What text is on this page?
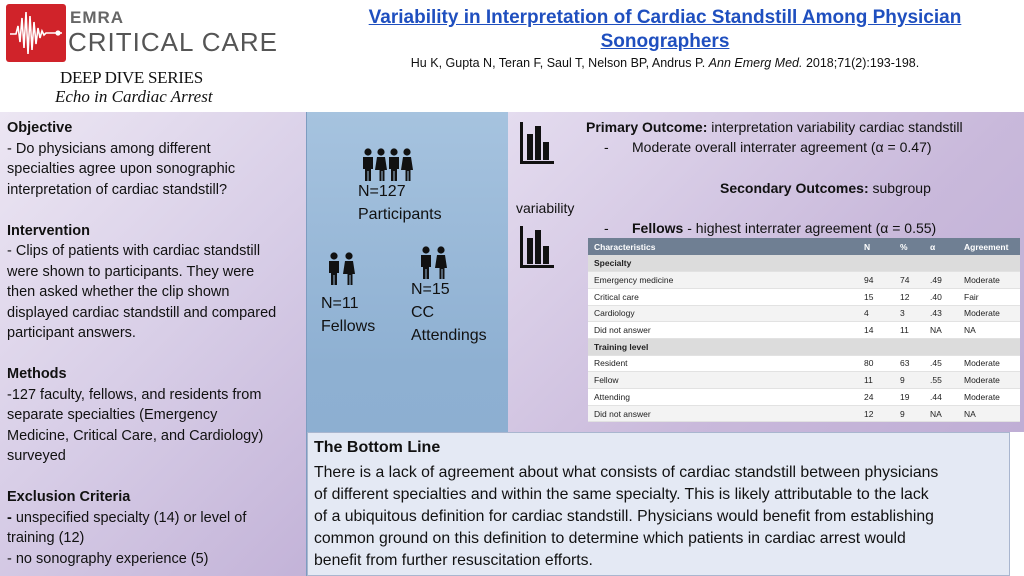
EMRA
CRITICAL CARE
DEEP DIVE SERIES
Echo in Cardiac Arrest
Variability in Interpretation of Cardiac Standstill Among Physician Sonographers
Hu K, Gupta N, Teran F, Saul T, Nelson BP, Andrus P. Ann Emerg Med. 2018;71(2):193-198.
Objective
- Do physicians among different
specialties agree upon sonographic
interpretation of cardiac standstill?
Intervention
- Clips of patients with cardiac standstill
were shown to participants. They were
then asked whether the clip shown
displayed cardiac standstill and compared
participant answers.
Methods
-127 faculty, fellows, and residents from
separate specialties (Emergency
Medicine, Critical Care, and Cardiology)
surveyed
Exclusion Criteria
- unspecified specialty (14) or level of
training (12)
- no sonography experience (5)
N=127
Participants
N=11
Fellows
N=15
CC
Attendings
Primary Outcome: interpretation variability cardiac standstill
- Moderate overall interrater agreement (α = 0.47)
Secondary Outcomes: subgroup
variability
- Fellows - highest interrater agreement (α = 0.55)
Characteristics	N	%	α	Agreement
Specialty				
Emergency medicine	94	74	.49	Moderate
Critical care	15	12	.40	Fair
Cardiology	4	3	.43	Moderate
Did not answer	14	11	NA	NA
Training level				
Resident	80	63	.45	Moderate
Fellow	11	9	.55	Moderate
Attending	24	19	.44	Moderate
Did not answer	12	9	NA	NA
The Bottom Line
There is a lack of agreement about what consists of cardiac standstill between physicians
of different specialties and within the same specialty. This is likely attributable to the lack
of a ubiquitous definition for cardiac standstill. Physicians would benefit from establishing
common ground on this definition to determine which patients in cardiac arrest would
benefit from further resuscitation efforts.
